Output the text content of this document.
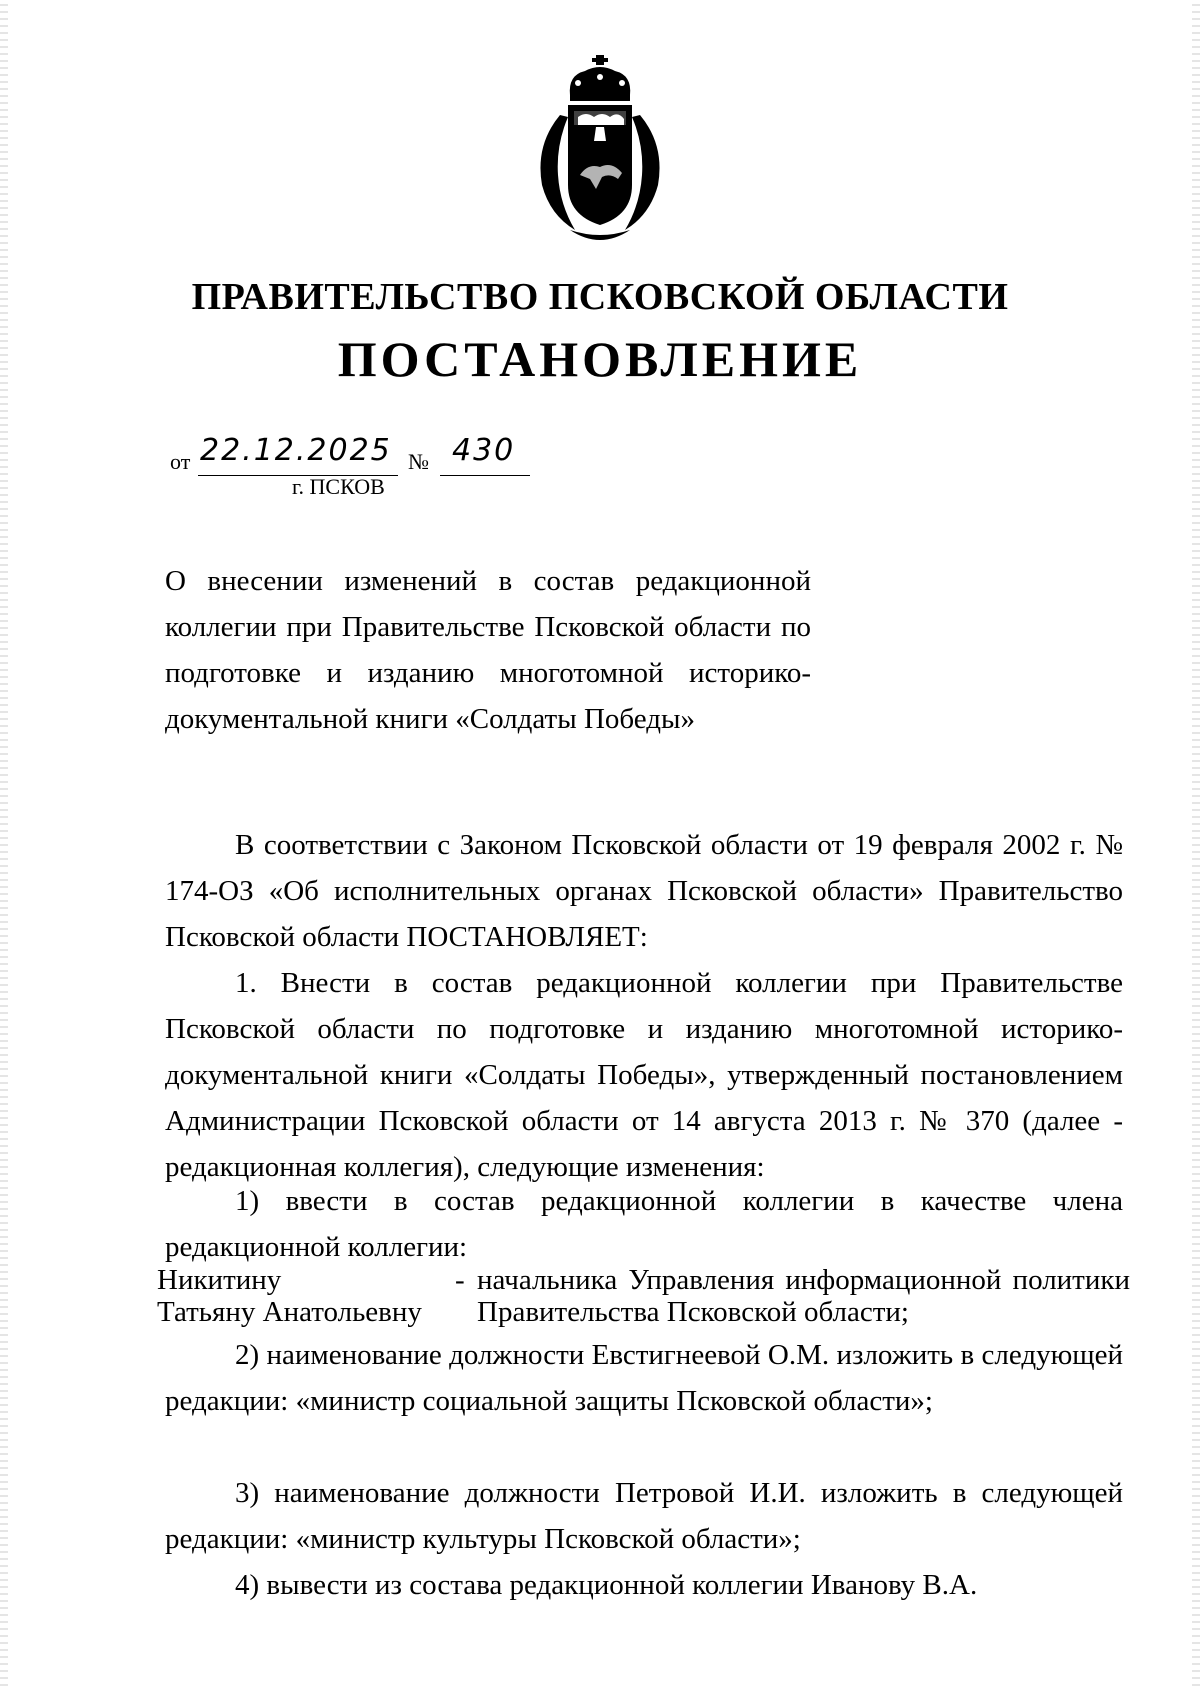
ПРАВИТЕЛЬСТВО ПСКОВСКОЙ ОБЛАСТИ
ПОСТАНОВЛЕНИЕ
от 22.12.2025 № 430
г. ПСКОВ
О внесении изменений в состав редакционной коллегии при Правительстве Псковской области по подготовке и изданию многотомной историко-документальной книги «Солдаты Победы»

В соответствии с Законом Псковской области от 19 февраля 2002 г. № 174-ОЗ «Об исполнительных органах Псковской области» Правительство Псковской области ПОСТАНОВЛЯЕТ:

1. Внести в состав редакционной коллегии при Правительстве Псковской области по подготовке и изданию многотомной историко-документальной книги «Солдаты Победы», утвержденный постановлением Администрации Псковской области от 14 августа 2013 г. № 370 (далее - редакционная коллегия), следующие изменения:

1) ввести в состав редакционной коллегии в качестве члена редакционной коллегии:

Никитину
Татьяну Анатольевну
- начальника Управления информационной политики Правительства Псковской области;

2) наименование должности Евстигнеевой О.М. изложить в следующей редакции: «министр социальной защиты Псковской области»;

3) наименование должности Петровой И.И. изложить в следующей редакции: «министр культуры Псковской области»;

4) вывести из состава редакционной коллегии Иванову В.А.
